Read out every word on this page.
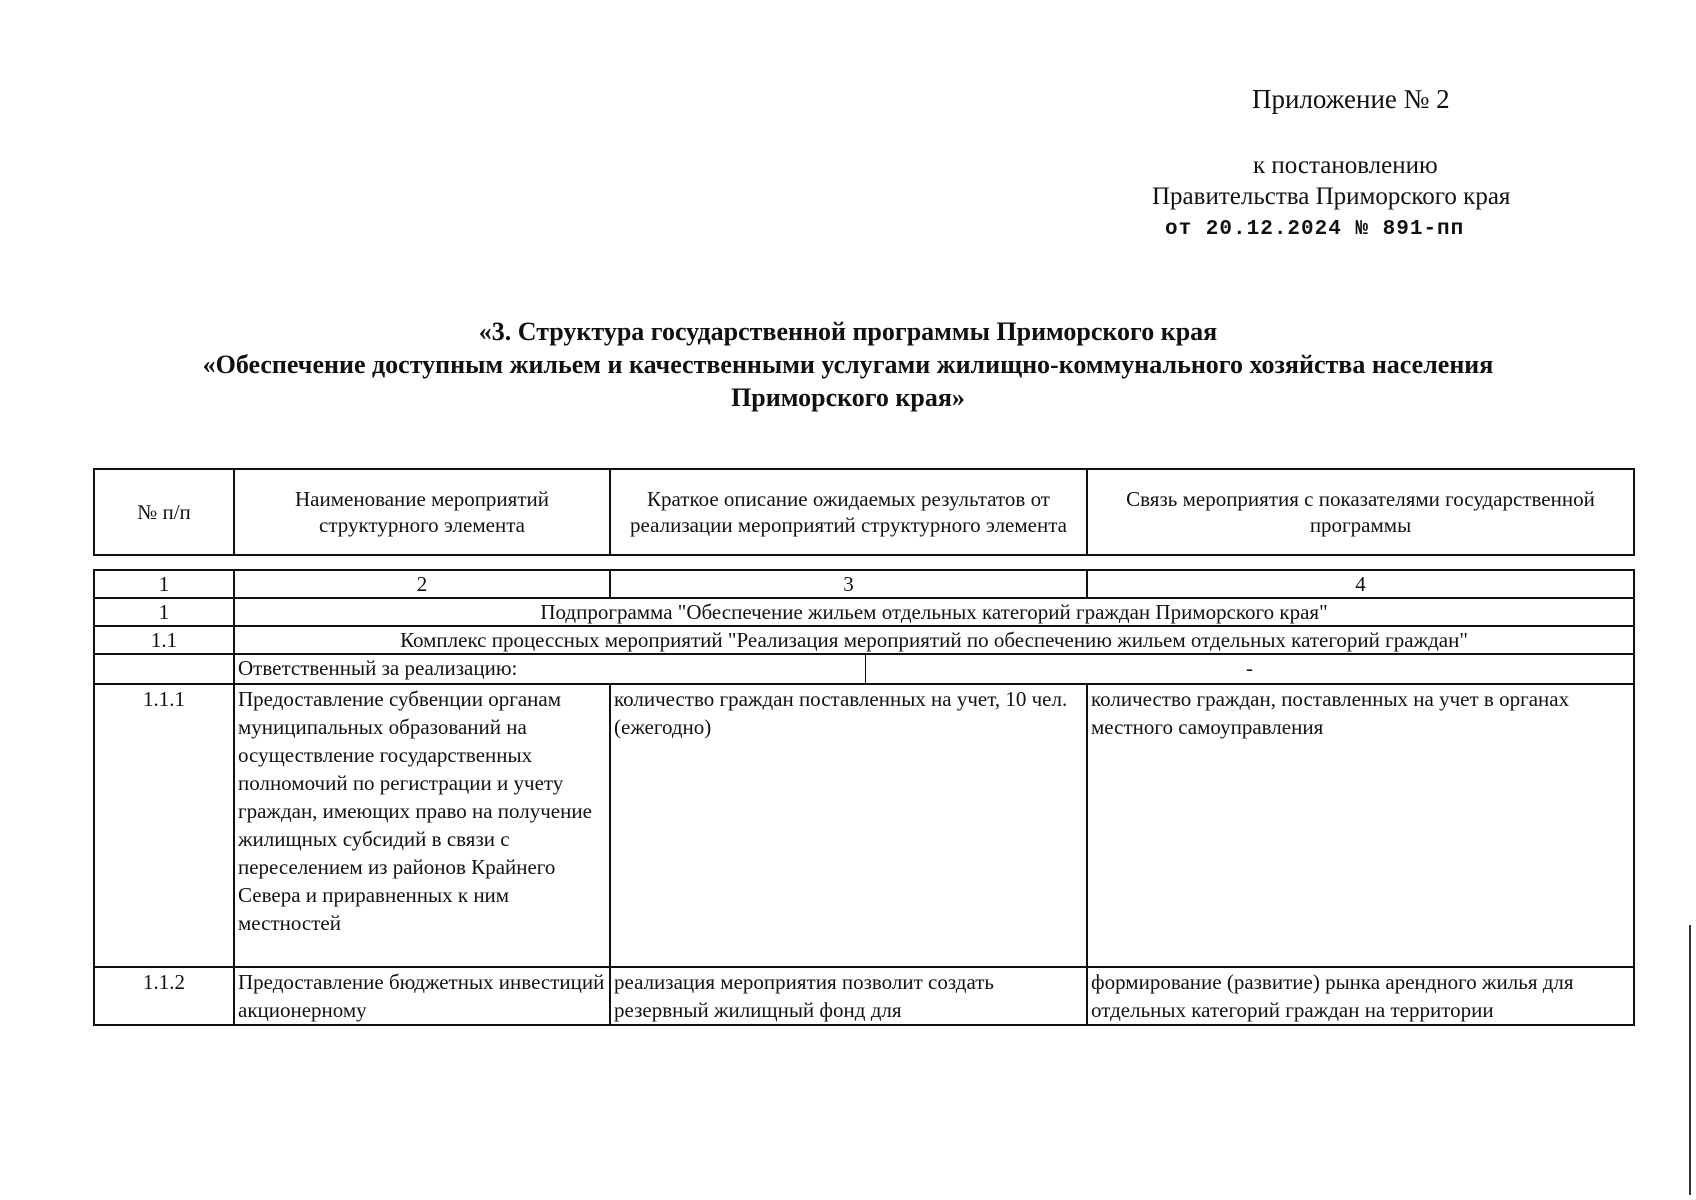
Приложение № 2
к постановлению
Правительства Приморского края
от 20.12.2024 № 891-пп
«3. Структура государственной программы Приморского края
«Обеспечение доступным жильем и качественными услугами жилищно-коммунального хозяйства населения
Приморского края»
№ п/п	Наименование мероприятий структурного элемента	Краткое описание ожидаемых результатов от реализации мероприятий структурного элемента	Связь мероприятия с показателями государственной программы
1	2	3	4
1	Подпрограмма "Обеспечение жильем отдельных категорий граждан Приморского края"		
1.1	Комплекс процессных мероприятий "Реализация мероприятий по обеспечению жильем отдельных категорий граждан"		

	Ответственный за реализацию: -		

1.1.1	Предоставление субвенции органам муниципальных образований на осуществление государственных полномочий по регистрации и учету граждан, имеющих право на получение жилищных субсидий в связи с переселением из районов Крайнего Севера и приравненных к ним местностей	количество граждан поставленных на учет, 10 чел. (ежегодно)	количество граждан, поставленных на учет в органах местного самоуправления
1.1.2	Предоставление бюджетных инвестиций акционерному	реализация мероприятия позволит создать резервный жилищный фонд для	формирование (развитие) рынка арендного жилья для отдельных категорий граждан на территории
